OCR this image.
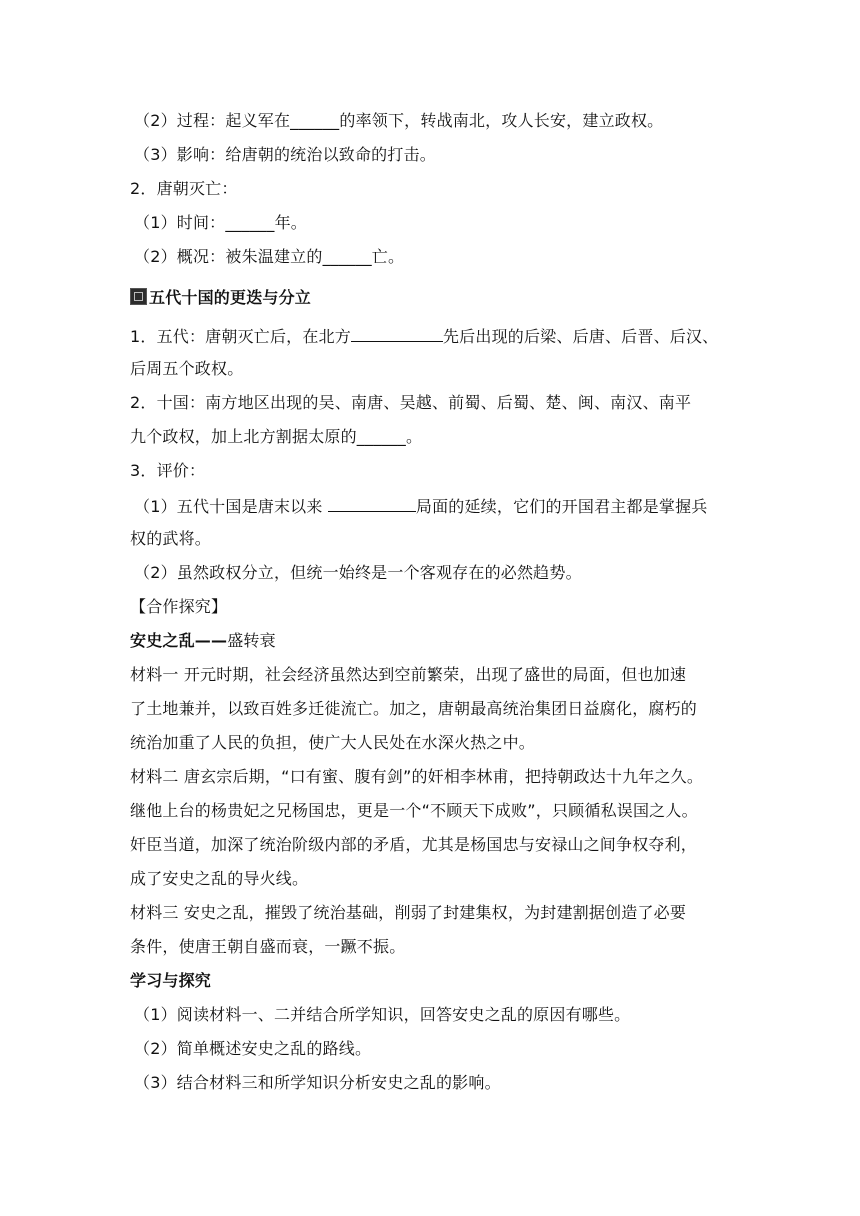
（2）过程：起义军在______的率领下，转战南北，攻人长安，建立政权。
（3）影响：给唐朝的统治以致命的打击。
2．唐朝灭亡：
（1）时间：______年。
（2）概况：被朱温建立的______亡。
五代十国的更迭与分立
1．五代：唐朝灭亡后，在北方	先后出现的后梁、后唐、后晋、后汉、
后周五个政权。
2．十国：南方地区出现的吴、南唐、吴越、前蜀、后蜀、楚、闽、南汉、南平
九个政权，加上北方割据太原的______。
3．评价：
（1）五代十国是唐末以来	局面的延续，它们的开国君主都是掌握兵
权的武将。
（2）虽然政权分立，但统一始终是一个客观存在的必然趋势。
【合作探究】
安史之乱——盛转衰
材料一 开元时期，社会经济虽然达到空前繁荣，出现了盛世的局面，但也加速
了土地兼并，以致百姓多迁徙流亡。加之，唐朝最高统治集团日益腐化，腐朽的
统治加重了人民的负担，使广大人民处在水深火热之中。
材料二 唐玄宗后期，“口有蜜、腹有剑”的奸相李林甫，把持朝政达十九年之久。
继他上台的杨贵妃之兄杨国忠，更是一个“不顾天下成败”，只顾循私误国之人。
奸臣当道，加深了统治阶级内部的矛盾，尤其是杨国忠与安禄山之间争权夺利，
成了安史之乱的导火线。
材料三 安史之乱，摧毁了统治基础，削弱了封建集权，为封建割据创造了必要
条件，使唐王朝自盛而衰，一蹶不振。
学习与探究
（1）阅读材料一、二并结合所学知识，回答安史之乱的原因有哪些。
（2）简单概述安史之乱的路线。
（3）结合材料三和所学知识分析安史之乱的影响。
